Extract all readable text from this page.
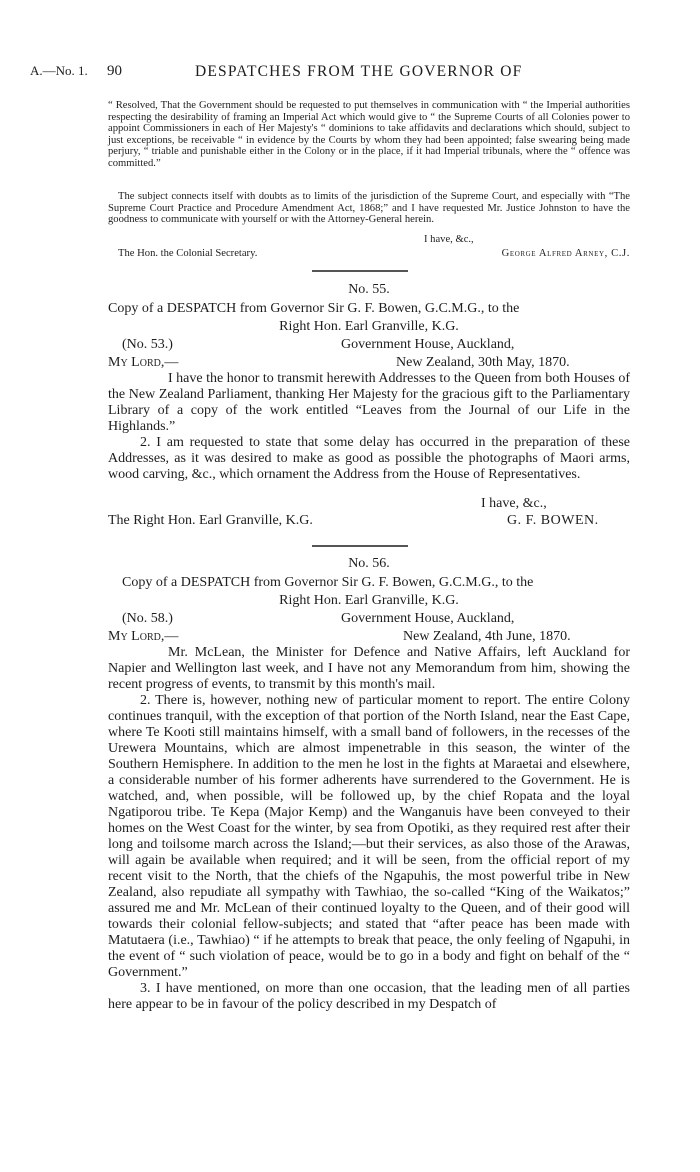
A.—No. 1. 90	DESPATCHES FROM THE GOVERNOR OF

“ Resolved, That the Government should be requested to put themselves in communication with “ the Imperial authorities respecting the desirability of framing an Imperial Act which would give to “ the Supreme Courts of all Colonies power to appoint Commissioners in each of Her Majesty's “ dominions to take affidavits and declarations which should, subject to just exceptions, be receivable “ in evidence by the Courts by whom they had been appointed; false swearing being made perjury, “ triable and punishable either in the Colony or in the place, if it had Imperial tribunals, where the “ offence was committed.”

The subject connects itself with doubts as to limits of the jurisdiction of the Supreme Court, and especially with “The Supreme Court Practice and Procedure Amendment Act, 1868;” and I have requested Mr. Justice Johnston to have the goodness to communicate with yourself or with the Attorney-General herein.

I have, &c.,
The Hon. the Colonial Secretary.	George Alfred Arney, C.J.
No. 55.
Copy of a DESPATCH from Governor Sir G. F. Bowen, G.C.M.G., to the
Right Hon. Earl Granville, K.G.
(No. 53.)
My Lord,—
Government House, Auckland,
New Zealand, 30th May, 1870.

I have the honor to transmit herewith Addresses to the Queen from both Houses of the New Zealand Parliament, thanking Her Majesty for the gracious gift to the Parliamentary Library of a copy of the work entitled “Leaves from the Journal of our Life in the Highlands.”

2. I am requested to state that some delay has occurred in the preparation of these Addresses, as it was desired to make as good as possible the photographs of Maori arms, wood carving, &c., which ornament the Address from the House of Representatives.

I have, &c.,
The Right Hon. Earl Granville, K.G.	G. F. BOWEN.
No. 56.
Copy of a DESPATCH from Governor Sir G. F. Bowen, G.C.M.G., to the
Right Hon. Earl Granville, K.G.
(No. 58.)
My Lord,—
Government House, Auckland,
New Zealand, 4th June, 1870.

Mr. McLean, the Minister for Defence and Native Affairs, left Auckland for Napier and Wellington last week, and I have not any Memorandum from him, showing the recent progress of events, to transmit by this month's mail.

2. There is, however, nothing new of particular moment to report. The entire Colony continues tranquil, with the exception of that portion of the North Island, near the East Cape, where Te Kooti still maintains himself, with a small band of followers, in the recesses of the Urewera Mountains, which are almost impenetrable in this season, the winter of the Southern Hemisphere. In addition to the men he lost in the fights at Maraetai and elsewhere, a considerable number of his former adherents have surrendered to the Government. He is watched, and, when possible, will be followed up, by the chief Ropata and the loyal Ngatiporou tribe. Te Kepa (Major Kemp) and the Wanganuis have been conveyed to their homes on the West Coast for the winter, by sea from Opotiki, as they required rest after their long and toilsome march across the Island;—but their services, as also those of the Arawas, will again be available when required; and it will be seen, from the official report of my recent visit to the North, that the chiefs of the Ngapuhis, the most powerful tribe in New Zealand, also repudiate all sympathy with Tawhiao, the so-called “King of the Waikatos;” assured me and Mr. McLean of their continued loyalty to the Queen, and of their good will towards their colonial fellow-subjects; and stated that “after peace has been made with Matutaera (i.e., Tawhiao) “ if he attempts to break that peace, the only feeling of Ngapuhi, in the event of “ such violation of peace, would be to go in a body and fight on behalf of the “ Government.”

3. I have mentioned, on more than one occasion, that the leading men of all parties here appear to be in favour of the policy described in my Despatch of
